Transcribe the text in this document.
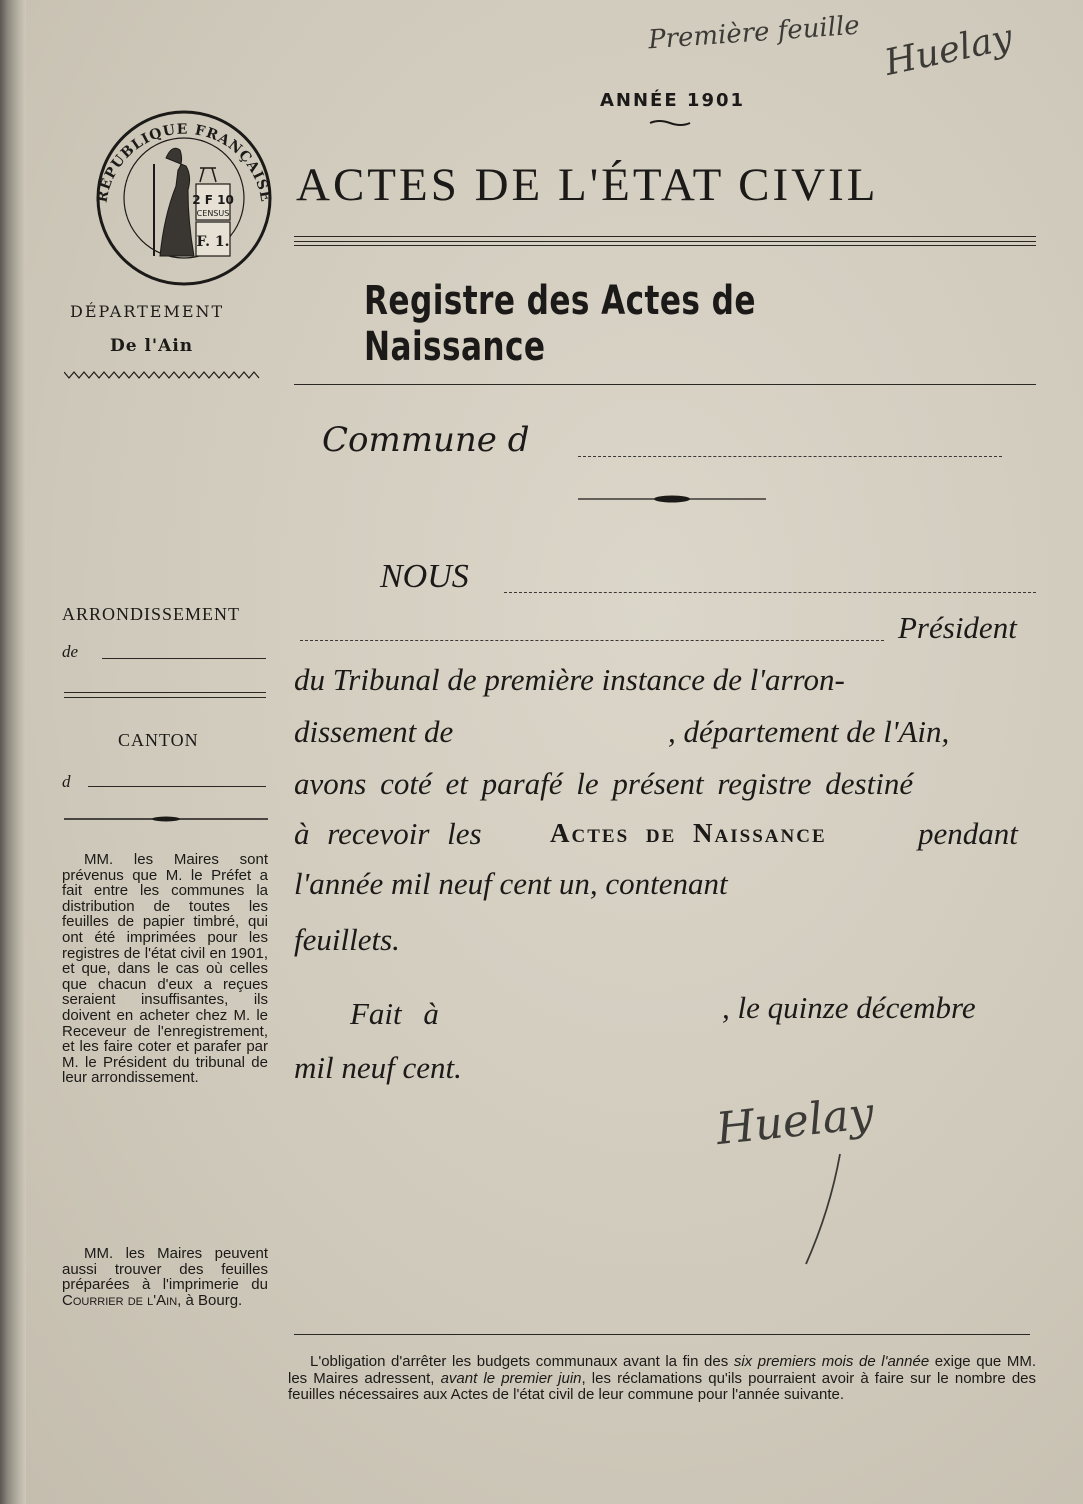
Première feuille Huelay
ANNÉE 1901
RÉPUBLIQUE FRANÇAISE
2 F 10
CENSUS
F. 1.
ACTES DE L'ÉTAT CIVIL
Registre des Actes de Naissance
DÉPARTEMENT
De l'Ain
Commune d
NOUS
Président
du Tribunal de première instance de l'arron-
dissement de	, département de l'Ain,
avons coté et parafé le présent registre destiné
à recevoir les	Actes de Naissance	pendant
l'année mil neuf cent un, contenant
feuillets.
Fait à	, le quinze décembre
mil neuf cent.
Huelay
ARRONDISSEMENT
de
CANTON
d
MM. les Maires sont prévenus que M. le Préfet a fait entre les communes la distribution de toutes les feuilles de papier timbré, qui ont été imprimées pour les registres de l'état civil en 1901, et que, dans le cas où celles que chacun d'eux a reçues seraient insuffisantes, ils doivent en acheter chez M. le Receveur de l'enregistrement, et les faire coter et parafer par M. le Président du tribunal de leur arrondissement.
MM. les Maires peuvent aussi trouver des feuilles préparées à l'imprimerie du Courrier de l'Ain, à Bourg.
L'obligation d'arrêter les budgets communaux avant la fin des six premiers mois de l'année exige que MM. les Maires adressent, avant le premier juin, les réclamations qu'ils pourraient avoir à faire sur le nombre des feuilles nécessaires aux Actes de l'état civil de leur commune pour l'année suivante.
